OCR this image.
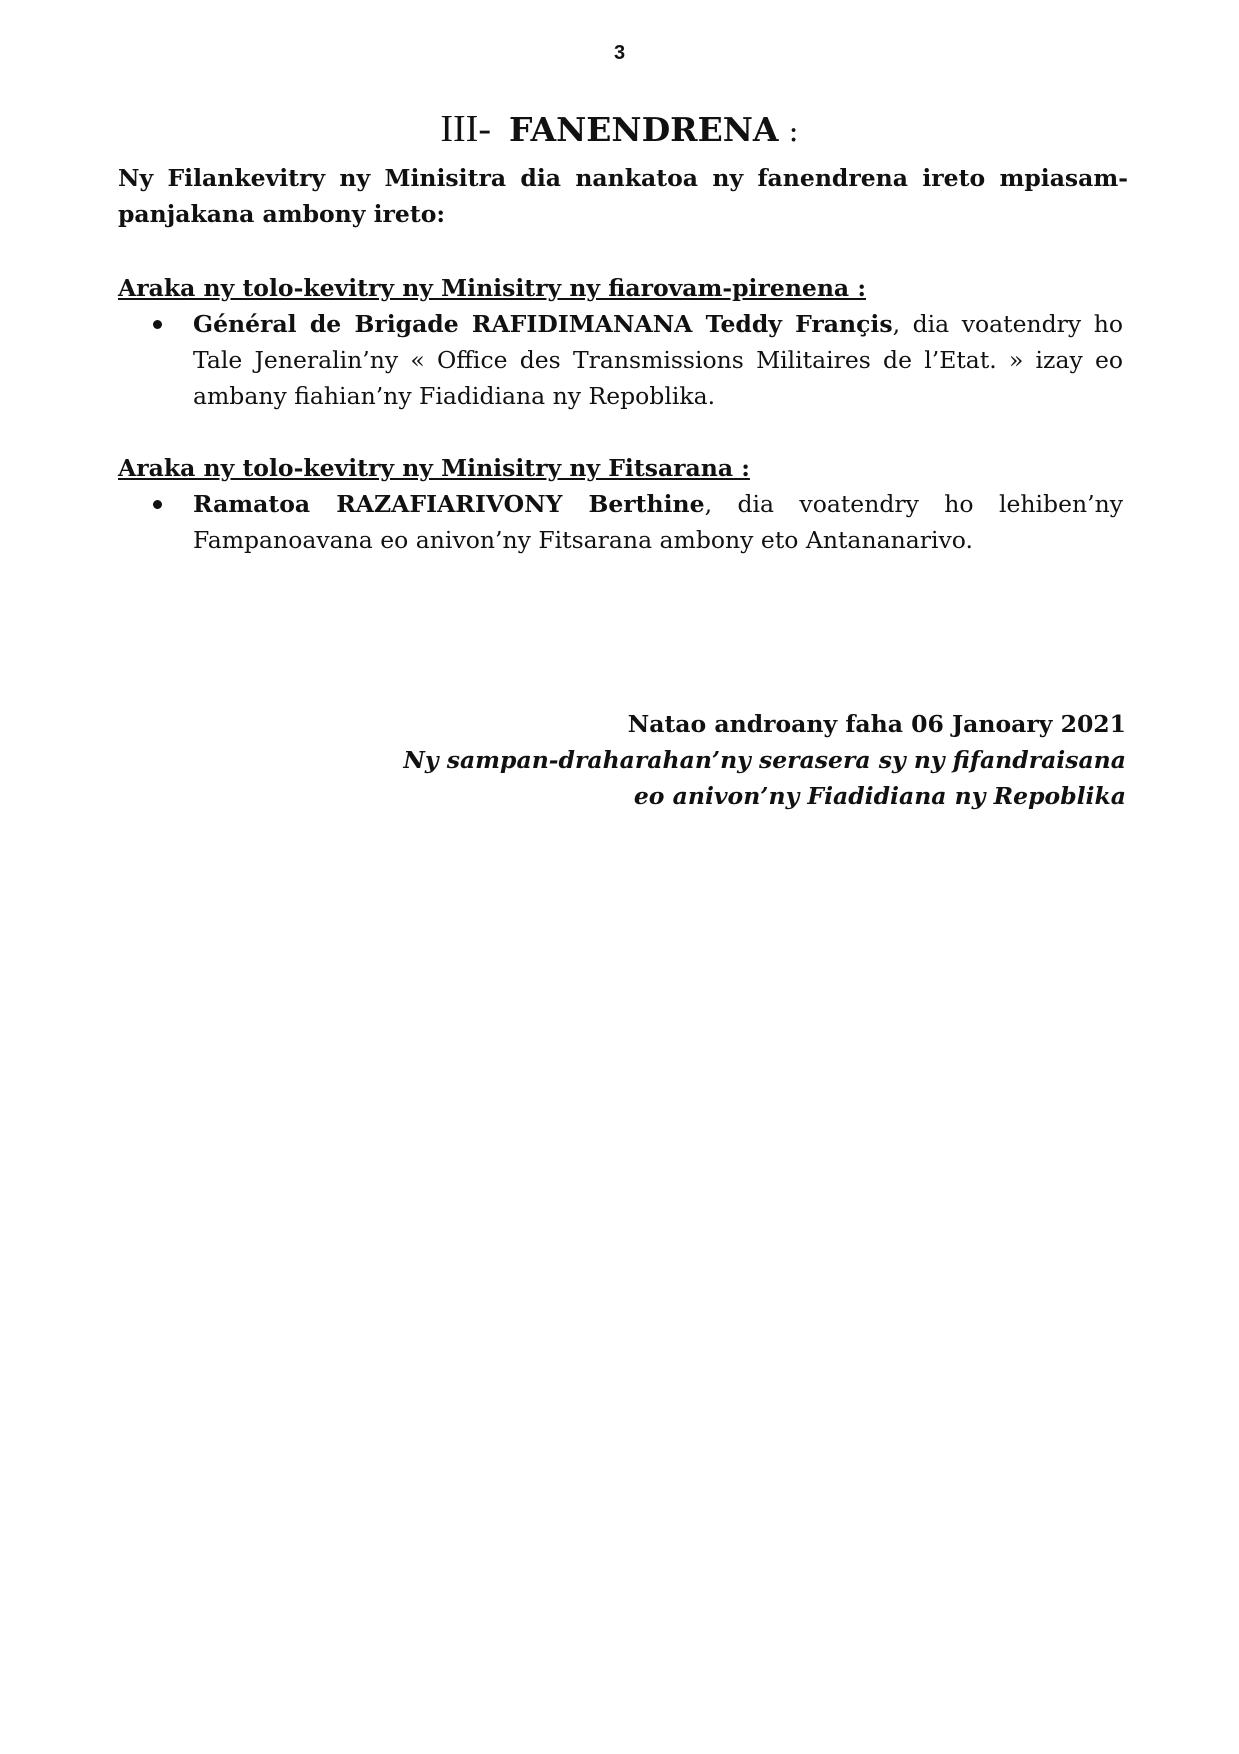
3
III- FANENDRENA :
Ny Filankevitry ny Minisitra dia nankatoa ny fanendrena ireto mpiasam-panjakana ambony ireto:
Araka ny tolo-kevitry ny Minisitry ny fiarovam-pirenena :
Général de Brigade RAFIDIMANANA Teddy Françis, dia voatendry ho Tale Jeneralin’ny « Office des Transmissions Militaires de l’Etat. » izay eo ambany fiahian’ny Fiadidiana ny Repoblika.
Araka ny tolo-kevitry ny Minisitry ny Fitsarana :
Ramatoa RAZAFIARIVONY Berthine, dia voatendry ho lehiben’ny Fampanoavana eo anivon’ny Fitsarana ambony eto Antananarivo.
Natao androany faha 06 Janoary 2021
Ny sampan-draharahan’ny serasera sy ny fifandraisana
eo anivon’ny Fiadidiana ny Repoblika
